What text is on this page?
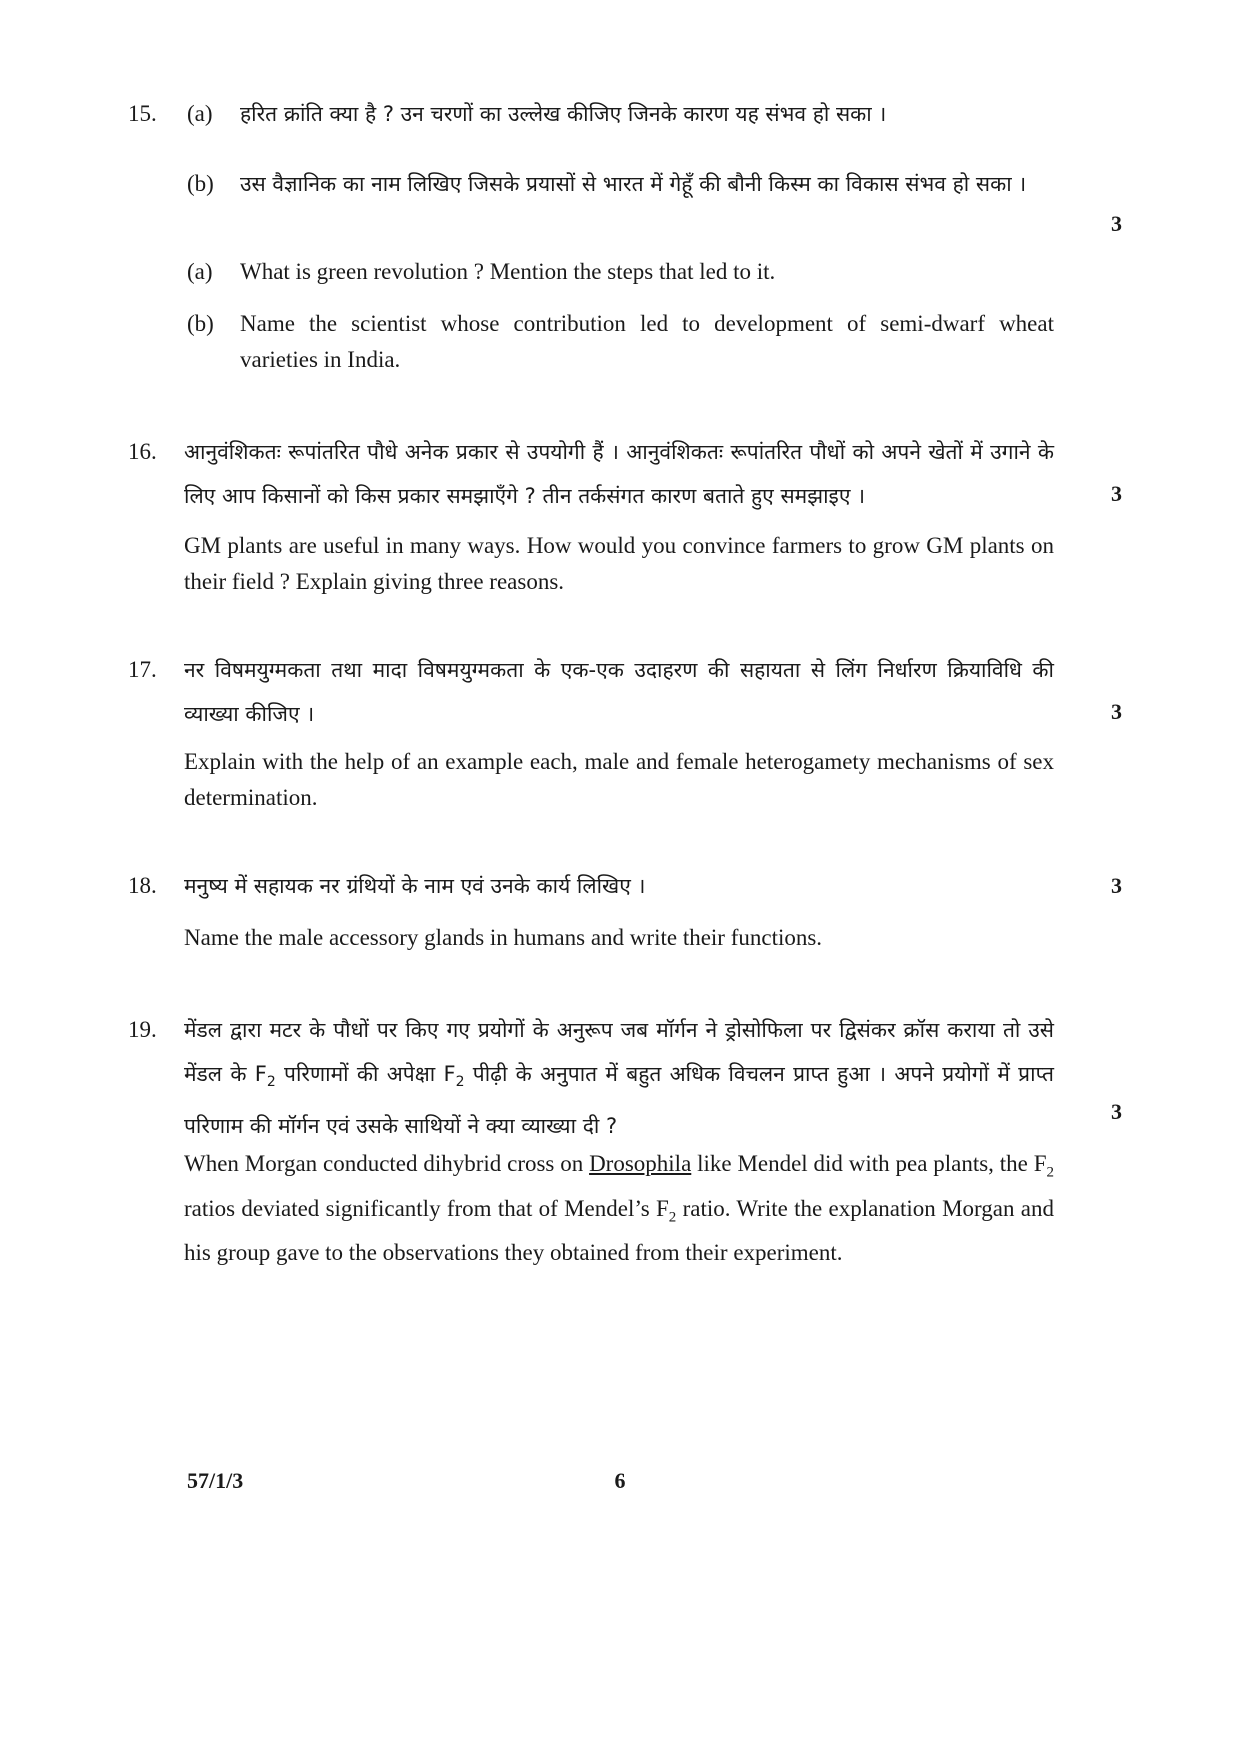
15. (a) हरित क्रांति क्या है ? उन चरणों का उल्लेख कीजिए जिनके कारण यह संभव हो सका ।
(b) उस वैज्ञानिक का नाम लिखिए जिसके प्रयासों से भारत में गेहूँ की बौनी किस्म का विकास संभव हो सका ।
3
(a) What is green revolution ? Mention the steps that led to it.
(b) Name the scientist whose contribution led to development of semi-dwarf wheat varieties in India.
16. आनुवंशिकतः रूपांतरित पौधे अनेक प्रकार से उपयोगी हैं । आनुवंशिकतः रूपांतरित पौधों को अपने खेतों में उगाने के लिए आप किसानों को किस प्रकार समझाएँगे ? तीन तर्कसंगत कारण बताते हुए समझाइए ।	3
GM plants are useful in many ways. How would you convince farmers to grow GM plants on their field ? Explain giving three reasons.
17. नर विषमयुग्मकता तथा मादा विषमयुग्मकता के एक-एक उदाहरण की सहायता से लिंग निर्धारण क्रियाविधि की व्याख्या कीजिए ।	3
Explain with the help of an example each, male and female heterogamety mechanisms of sex determination.
18. मनुष्य में सहायक नर ग्रंथियों के नाम एवं उनके कार्य लिखिए ।	3
Name the male accessory glands in humans and write their functions.
19. मेंडल द्वारा मटर के पौधों पर किए गए प्रयोगों के अनुरूप जब मॉर्गन ने ड्रोसोफिला पर द्विसंकर क्रॉस कराया तो उसे मेंडल के $F_2$ परिणामों की अपेक्षा $F_2$ पीढ़ी के अनुपात में बहुत अधिक विचलन प्राप्त हुआ । अपने प्रयोगों में प्राप्त परिणाम की मॉर्गन एवं उसके साथियों ने क्या व्याख्या दी ?
3
When Morgan conducted dihybrid cross on Drosophila like Mendel did with pea plants, the $F_2$ ratios deviated significantly from that of Mendel’s $F_2$ ratio. Write the explanation Morgan and his group gave to the observations they obtained from their experiment.
57/1/3	6
